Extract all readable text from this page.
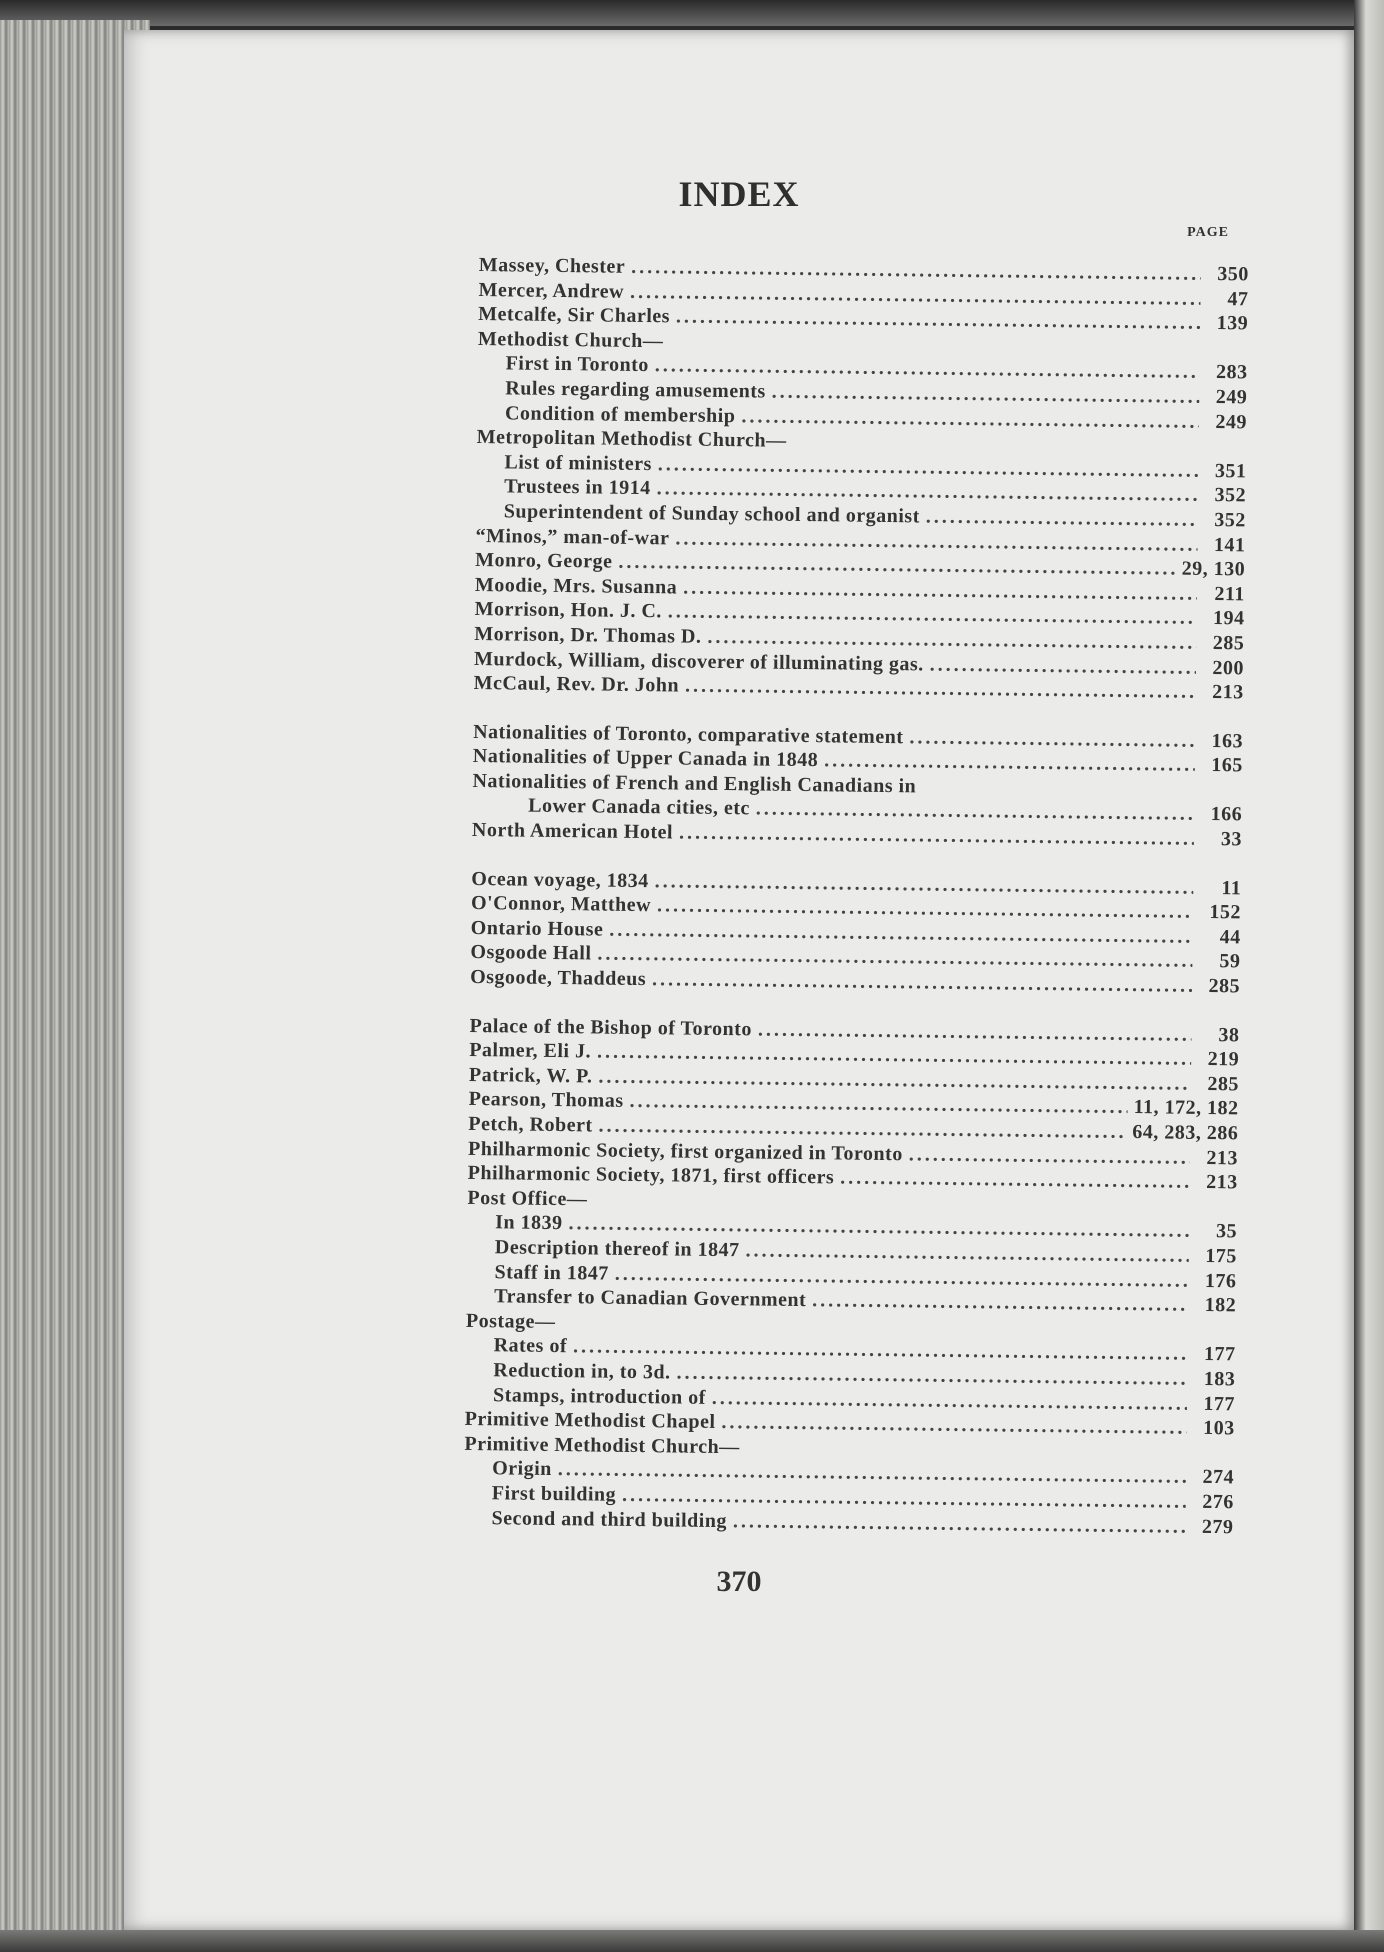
INDEX
PAGE
Massey, Chester .....	350
Mercer, Andrew .....	47
Metcalfe, Sir Charles .....	139
Methodist Church—
First in Toronto .....	283
Rules regarding amusements .....	249
Condition of membership .....	249
Metropolitan Methodist Church—
List of ministers .....	351
Trustees in 1914 .....	352
Superintendent of Sunday school and organist .....	352
“Minos,” man-of-war .....	141
Monro, George .....	29, 130
Moodie, Mrs. Susanna .....	211
Morrison, Hon. J. C. .....	194
Morrison, Dr. Thomas D. .....	285
Murdock, William, discoverer of illuminating gas. .....	200
McCaul, Rev. Dr. John .....	213
Nationalities of Toronto, comparative statement .....	163
Nationalities of Upper Canada in 1848 .....	165
Nationalities of French and English Canadians in
Lower Canada cities, etc .....	166
North American Hotel .....	33
Ocean voyage, 1834 .....	11
O'Connor, Matthew .....	152
Ontario House .....	44
Osgoode Hall .....	59
Osgoode, Thaddeus .....	285
Palace of the Bishop of Toronto .....	38
Palmer, Eli J. .....	219
Patrick, W. P. .....	285
Pearson, Thomas .....	11, 172, 182
Petch, Robert .....	64, 283, 286
Philharmonic Society, first organized in Toronto .....	213
Philharmonic Society, 1871, first officers .....	213
Post Office—
In 1839 .....	35
Description thereof in 1847 .....	175
Staff in 1847 .....	176
Transfer to Canadian Government .....	182
Postage—
Rates of .....	177
Reduction in, to 3d. .....	183
Stamps, introduction of .....	177
Primitive Methodist Chapel .....	103
Primitive Methodist Church—
Origin .....	274
First building .....	276
Second and third building .....	279
370
